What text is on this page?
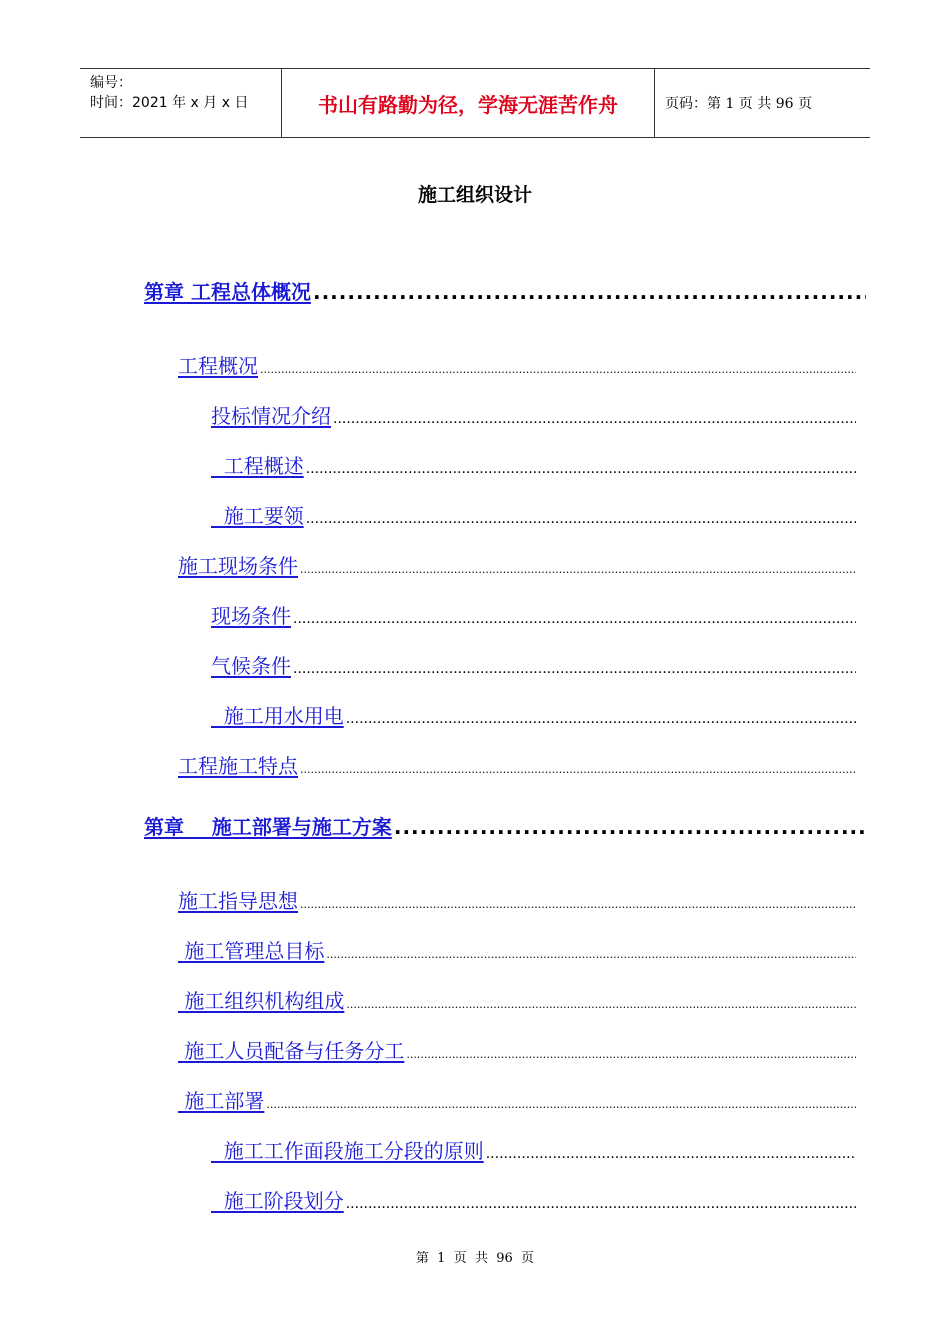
编号：
时间：2021 年 x 月 x 日	书山有路勤为径，学海无涯苦作舟	页码：第 1 页 共 96 页
施工组织设计
第章 工程总体概况
.....
工程概况
.....
投标情况介绍
.....
工程概述
.....
施工要领
.....
施工现场条件
.....
现场条件
.....
气候条件
.....
施工用水用电
.....
工程施工特点
.....
第章    施工部署与施工方案
.....
施工指导思想
.....
施工管理总目标
.....
施工组织机构组成
.....
施工人员配备与任务分工
.....
施工部署
.....
施工工作面段施工分段的原则
.....
施工阶段划分
.....
第  1  页  共  96  页
